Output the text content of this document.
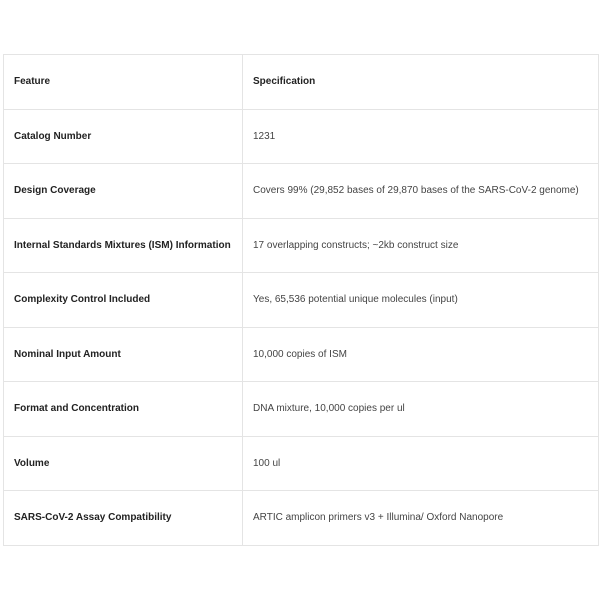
Feature	Specification
Catalog Number	1231
Design Coverage	Covers 99% (29,852 bases of 29,870 bases of the SARS-CoV-2 genome)
Internal Standards Mixtures (ISM) Information	17 overlapping constructs; ~2kb construct size
Complexity Control Included	Yes, 65,536 potential unique molecules (input)
Nominal Input Amount	10,000 copies of ISM
Format and Concentration	DNA mixture, 10,000 copies per ul
Volume	100 ul
SARS-CoV-2 Assay Compatibility	ARTIC amplicon primers v3 + Illumina/ Oxford Nanopore
